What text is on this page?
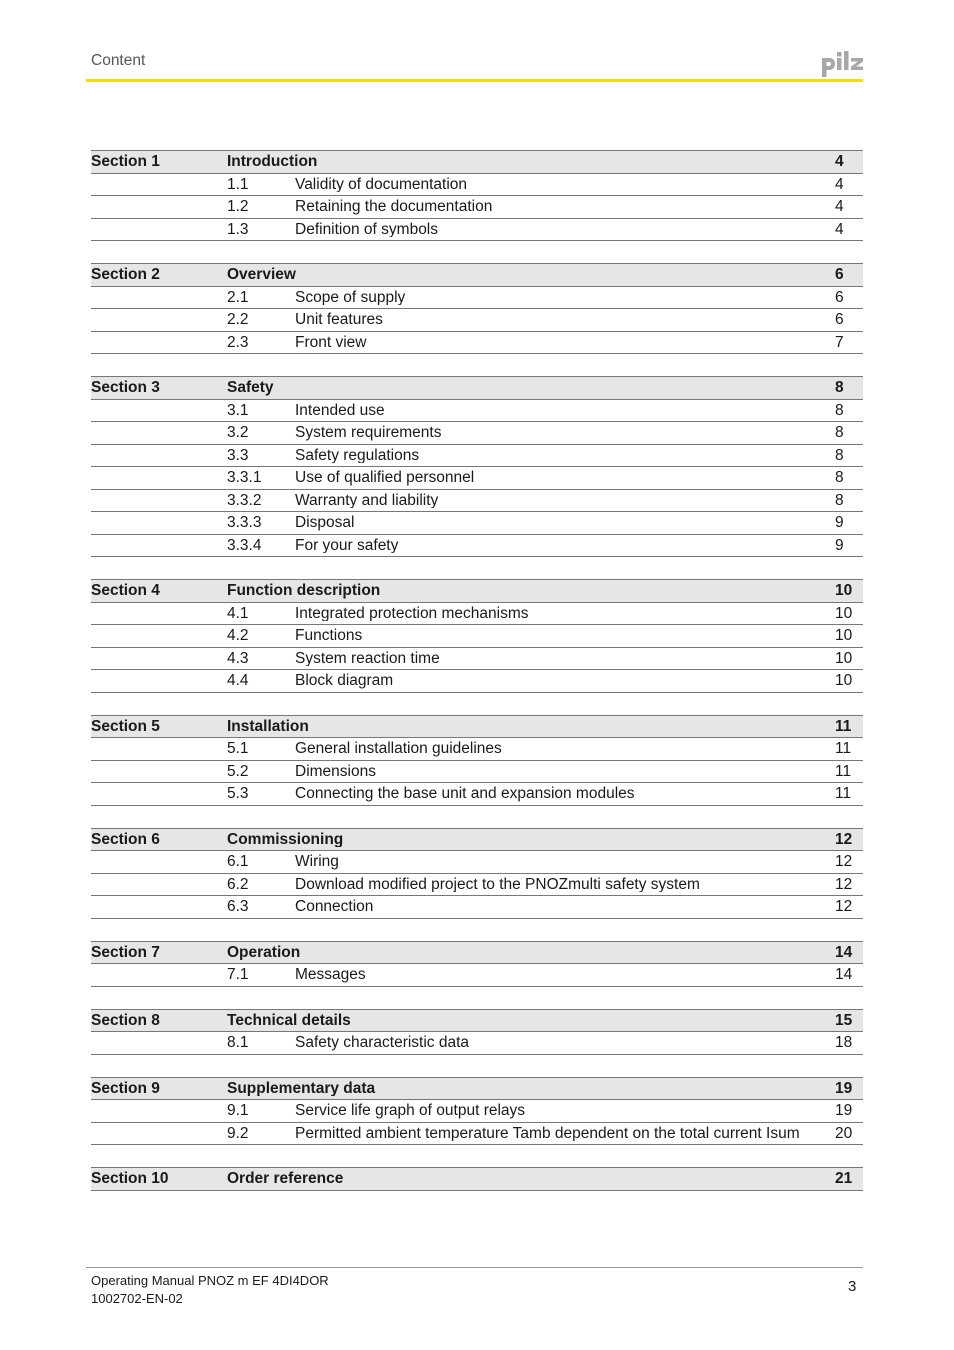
Content
Section 1	Introduction	4
1.1	Validity of documentation	4
1.2	Retaining the documentation	4
1.3	Definition of symbols	4
Section 2	Overview	6
2.1	Scope of supply	6
2.2	Unit features	6
2.3	Front view	7
Section 3	Safety	8
3.1	Intended use	8
3.2	System requirements	8
3.3	Safety regulations	8
3.3.1	Use of qualified personnel	8
3.3.2	Warranty and liability	8
3.3.3	Disposal	9
3.3.4	For your safety	9
Section 4	Function description	10
4.1	Integrated protection mechanisms	10
4.2	Functions	10
4.3	System reaction time	10
4.4	Block diagram	10
Section 5	Installation	11
5.1	General installation guidelines	11
5.2	Dimensions	11
5.3	Connecting the base unit and expansion modules	11
Section 6	Commissioning	12
6.1	Wiring	12
6.2	Download modified project to the PNOZmulti safety system	12
6.3	Connection	12
Section 7	Operation	14
7.1	Messages	14
Section 8	Technical details	15
8.1	Safety characteristic data	18
Section 9	Supplementary data	19
9.1	Service life graph of output relays	19
9.2	Permitted ambient temperature Tamb dependent on the total current Isum	20
Section 10	Order reference	21
Operating Manual PNOZ m EF 4DI4DOR
1002702-EN-02
3
